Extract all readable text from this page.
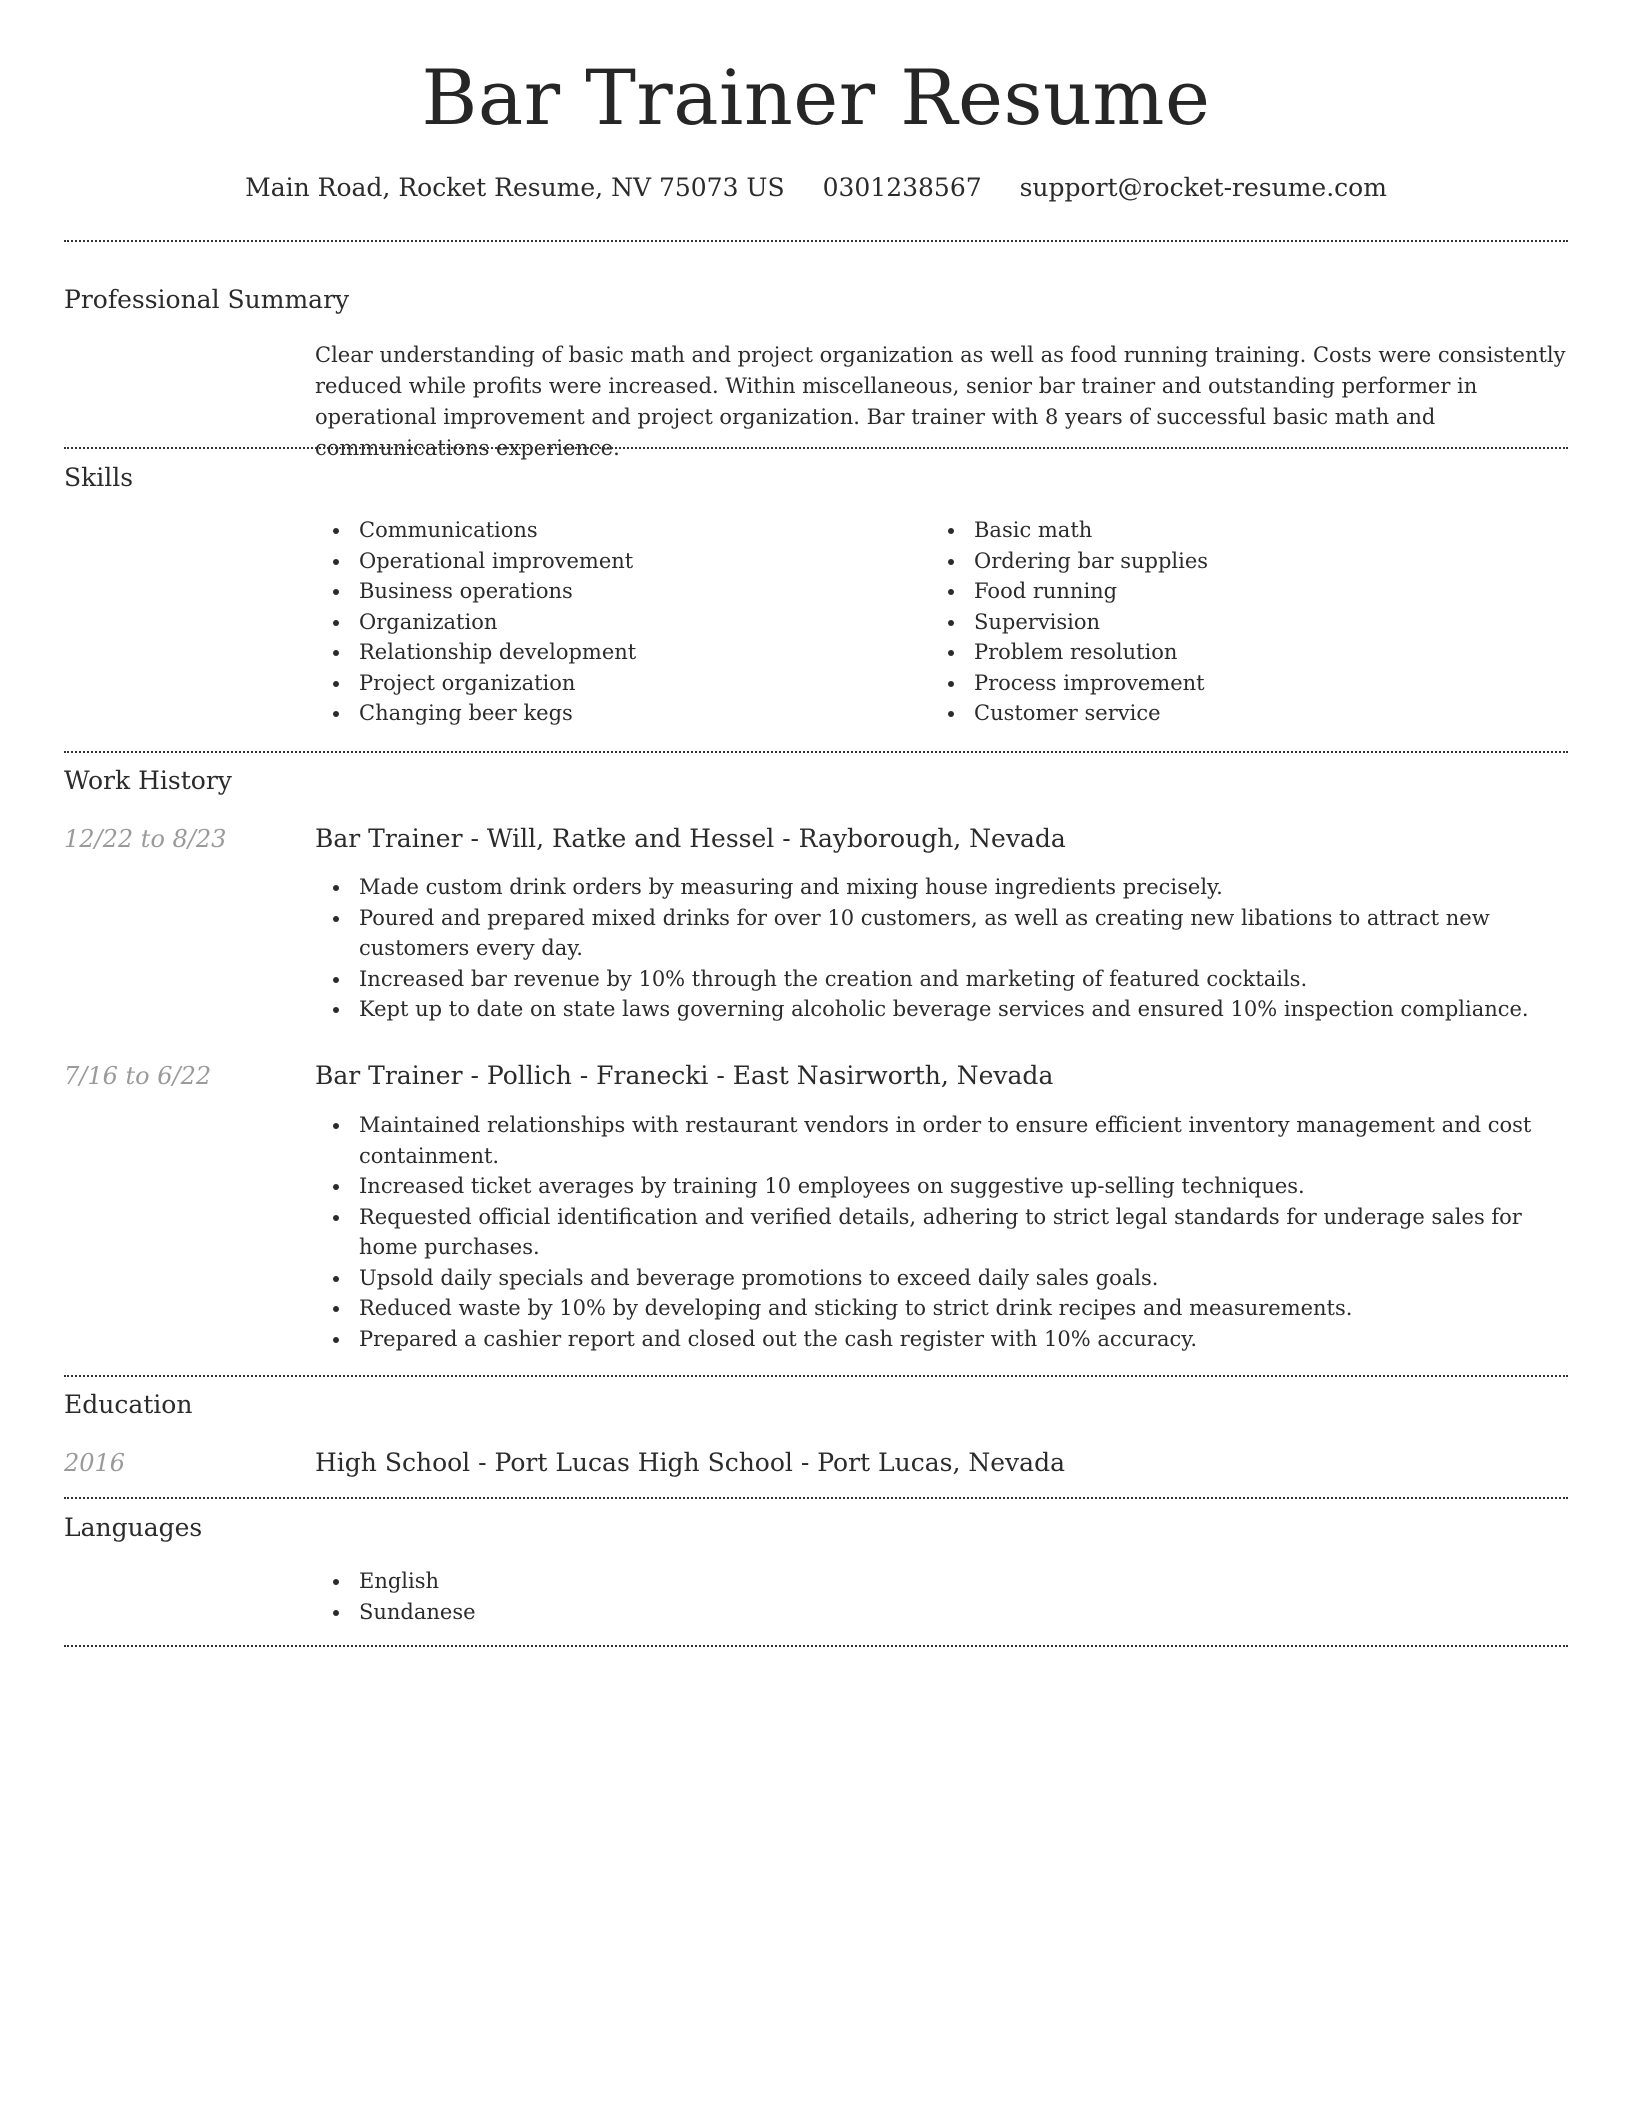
Bar Trainer Resume
Main Road, Rocket Resume, NV 75073 US 0301238567 support@rocket-resume.com
Professional Summary
Clear understanding of basic math and project organization as well as food running training. Costs were consistently reduced while profits were increased. Within miscellaneous, senior bar trainer and outstanding performer in operational improvement and project organization. Bar trainer with 8 years of successful basic math and communications experience.
Skills
Communications
Operational improvement
Business operations
Organization
Relationship development
Project organization
Changing beer kegs
Basic math
Ordering bar supplies
Food running
Supervision
Problem resolution
Process improvement
Customer service
Work History
12/22 to 8/23	Bar Trainer - Will, Ratke and Hessel - Rayborough, Nevada
Made custom drink orders by measuring and mixing house ingredients precisely.
Poured and prepared mixed drinks for over 10 customers, as well as creating new libations to attract new customers every day.
Increased bar revenue by 10% through the creation and marketing of featured cocktails.
Kept up to date on state laws governing alcoholic beverage services and ensured 10% inspection compliance.
7/16 to 6/22	Bar Trainer - Pollich - Franecki - East Nasirworth, Nevada
Maintained relationships with restaurant vendors in order to ensure efficient inventory management and cost containment.
Increased ticket averages by training 10 employees on suggestive up-selling techniques.
Requested official identification and verified details, adhering to strict legal standards for underage sales for home purchases.
Upsold daily specials and beverage promotions to exceed daily sales goals.
Reduced waste by 10% by developing and sticking to strict drink recipes and measurements.
Prepared a cashier report and closed out the cash register with 10% accuracy.
Education
2016	High School - Port Lucas High School - Port Lucas, Nevada
Languages
English
Sundanese
